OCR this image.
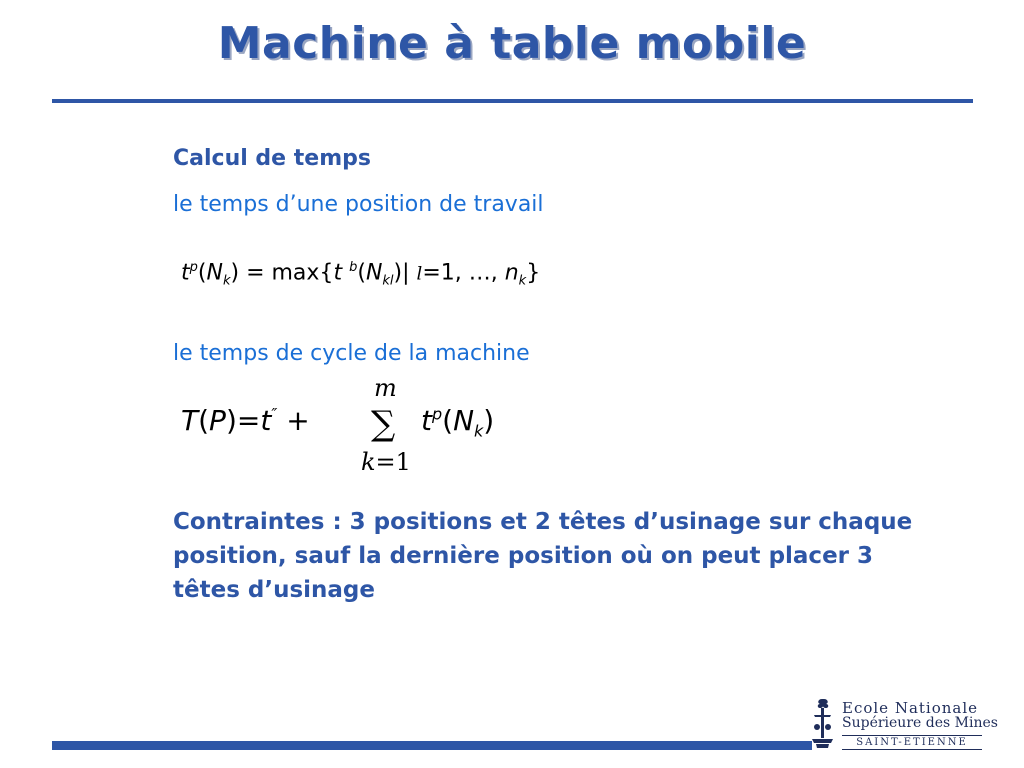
Machine à table mobile
Calcul de temps
le temps d’une position de travail
$t^p(N_k) = \max\{t$ $^b(N_{kl})|$ l=1, …, $n_k$}
le temps de cycle de la machine
T(P)=t″ +
m
∑
k=1
$t^p(N_k)$
Contraintes : 3 positions et 2 têtes d’usinage sur chaque position, sauf la dernière position où on peut placer 3 têtes d’usinage
Ecole Nationale
Supérieure des Mines
SAINT-ETIENNE
